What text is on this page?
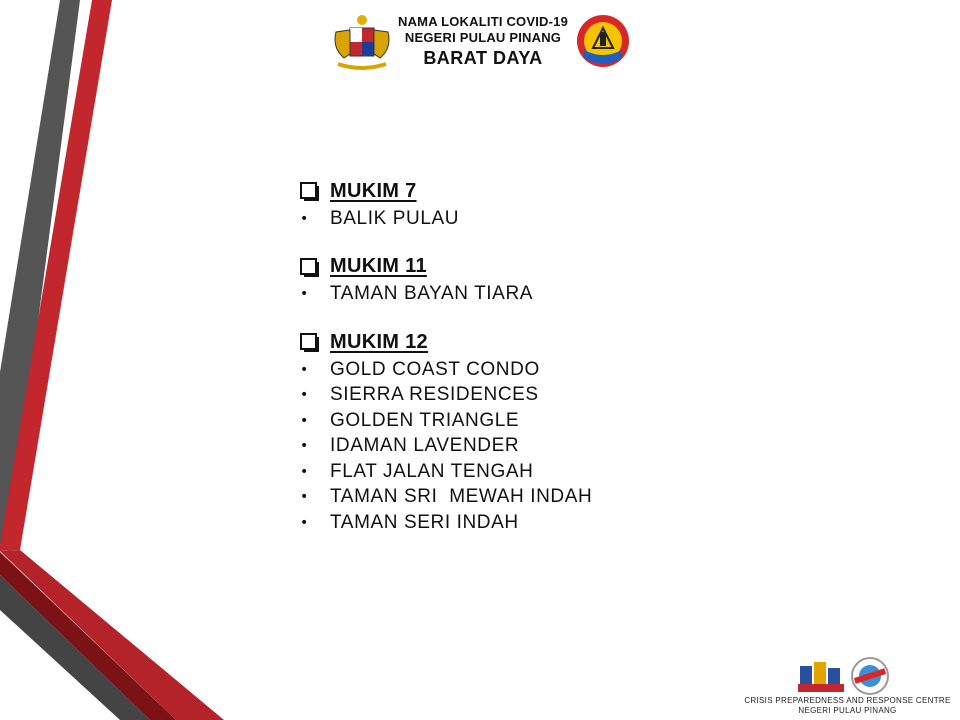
NAMA LOKALITI COVID-19
NEGERI PULAU PINANG
BARAT DAYA
MUKIM 7
•	BALIK PULAU
MUKIM 11
•	TAMAN BAYAN TIARA
MUKIM 12
•	GOLD COAST CONDO
•	SIERRA RESIDENCES
•	GOLDEN TRIANGLE
•	IDAMAN LAVENDER
•	FLAT JALAN TENGAH
•	TAMAN SRI  MEWAH INDAH
•	TAMAN SERI INDAH
CRISIS PREPAREDNESS AND RESPONSE CENTRE
NEGERI PULAU PINANG
